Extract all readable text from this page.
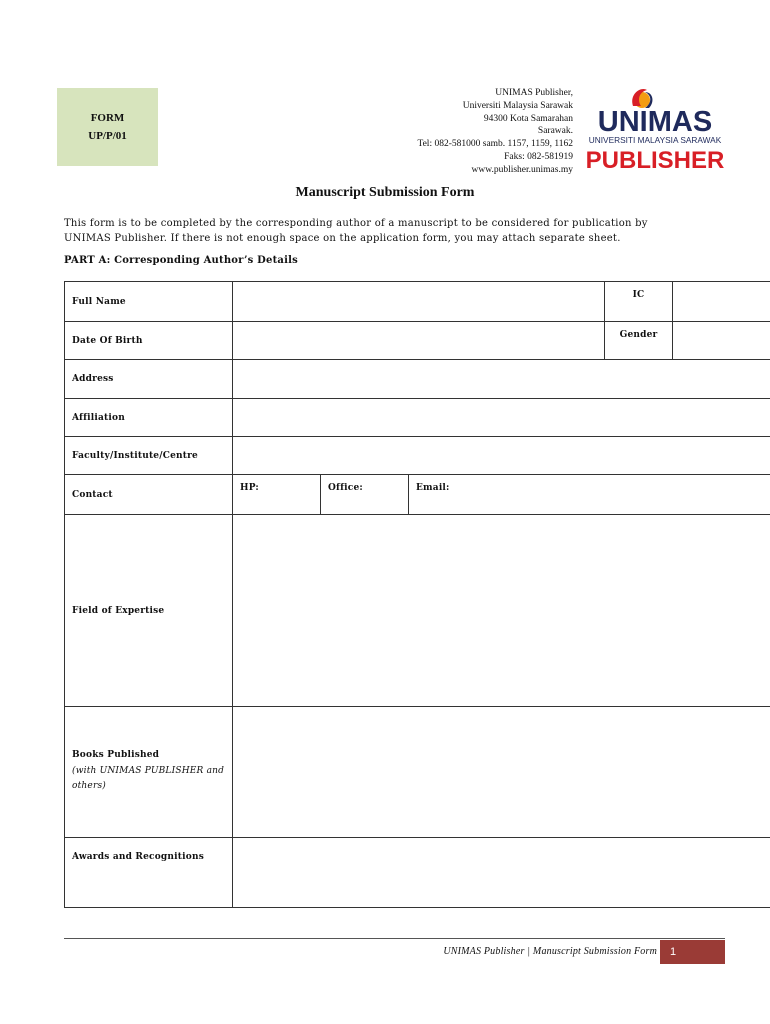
FORM
UP/P/01
UNIMAS Publisher,
Universiti Malaysia Sarawak
94300 Kota Samarahan
Sarawak.
Tel: 082-581000 samb. 1157, 1159, 1162
Faks: 082-581919
www.publisher.unimas.my
UNIMAS
UNIVERSITI MALAYSIA SARAWAK
PUBLISHER
Manuscript Submission Form
This form is to be completed by the corresponding author of a manuscript to be considered for publication by
UNIMAS Publisher. If there is not enough space on the application form, you may attach separate sheet.
PART A: Corresponding Author’s Details
Full Name				IC	
Date Of Birth				Gender	
Address					
Affiliation					
Faculty/Institute/Centre					
Contact	HP:	Office:	Email:		
Field of Expertise					
Books Published
(with UNIMAS PUBLISHER and others)					

Awards and Recognitions					
UNIMAS Publisher | Manuscript Submission Form	1
